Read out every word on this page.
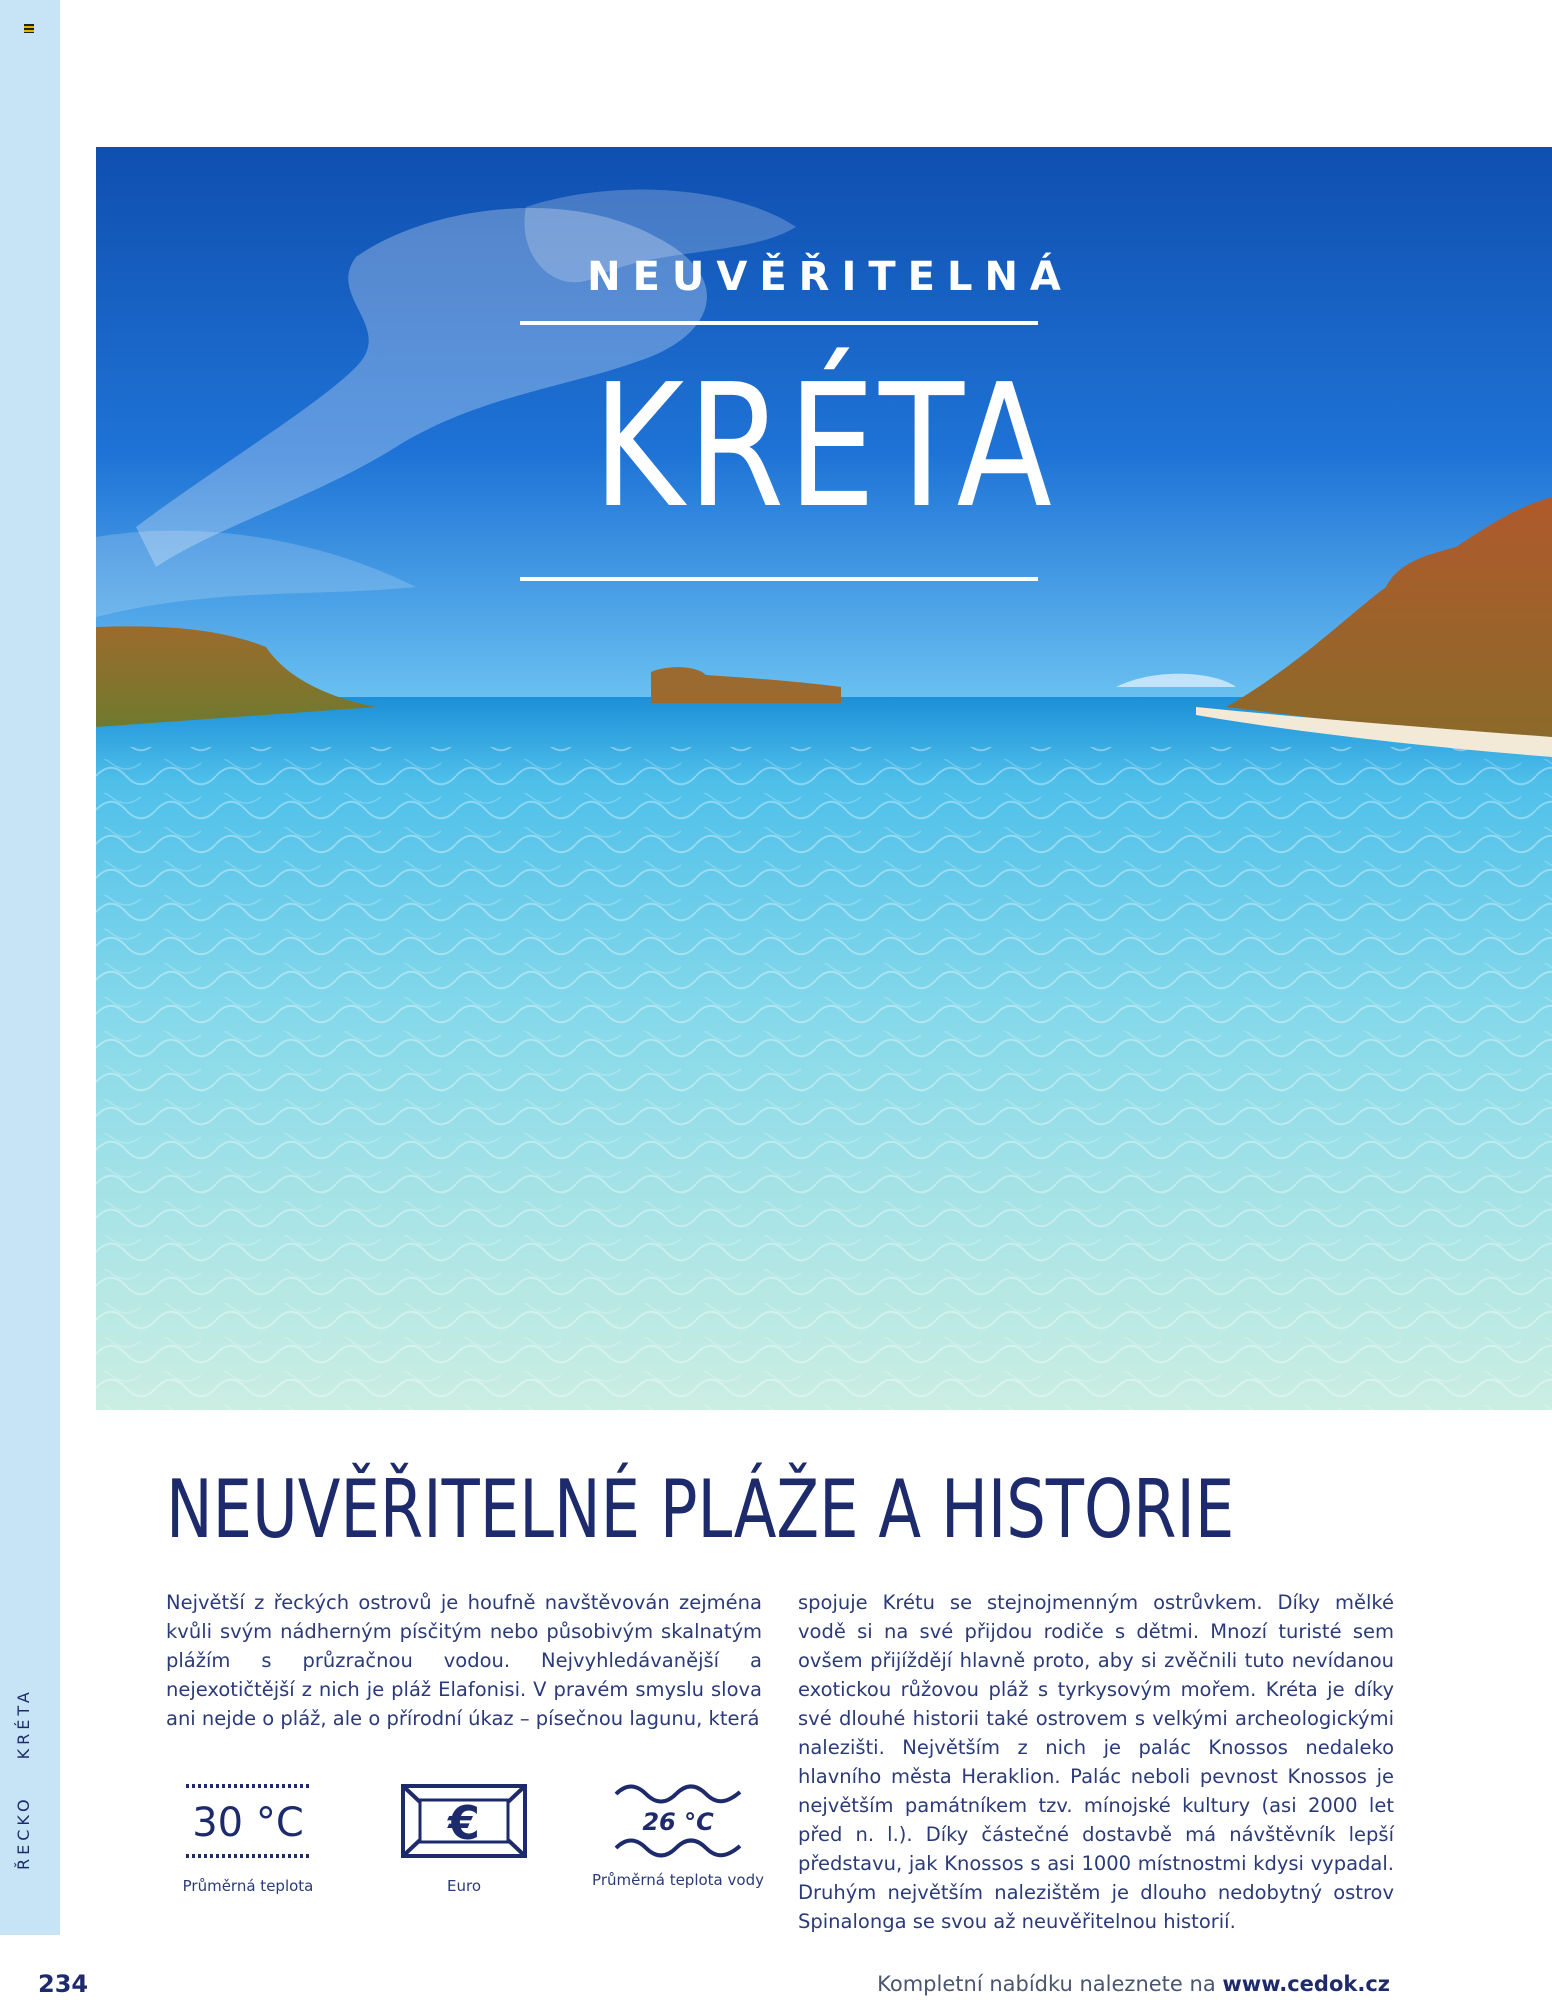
ŘECKOKRÉTA
NEUVĚŘITELNÁ
KRÉTA
NEUVĚŘITELNÉ PLÁŽE A HISTORIE
Největší z řeckých ostrovů je houfně navštěvován zejména kvůli svým nádherným písčitým nebo působivým skalnatým plážím s průzračnou vodou. Nejvyhledávanější a nejexotičtější z nich je pláž Elafonisi. V pravém smyslu slova ani nejde o pláž, ale o přírodní úkaz – písečnou lagunu, která
spojuje Krétu se stejnojmenným ostrůvkem. Díky mělké vodě si na své přijdou rodiče s dětmi. Mnozí turisté sem ovšem přijíždějí hlavně proto, aby si zvěčnili tuto nevídanou exotickou růžovou pláž s tyrkysovým mořem. Kréta je díky své dlouhé historii také ostrovem s velkými archeologickými nalezišti. Největším z nich je palác Knossos nedaleko hlavního města Heraklion. Palác neboli pevnost Knossos je největším památníkem tzv. mínojské kultury (asi 2000 let před n. l.). Díky částečné dostavbě má návštěvník lepší představu, jak Knossos s asi 1000 místnostmi kdysi vypadal. Druhým největším nalezištěm je dlouho nedobytný ostrov Spinalonga se svou až neuvěřitelnou historií.
30 °C
Průměrná teplota
€
Euro
26 °C
Průměrná teplota vody
234	Kompletní nabídku naleznete na www.cedok.cz
